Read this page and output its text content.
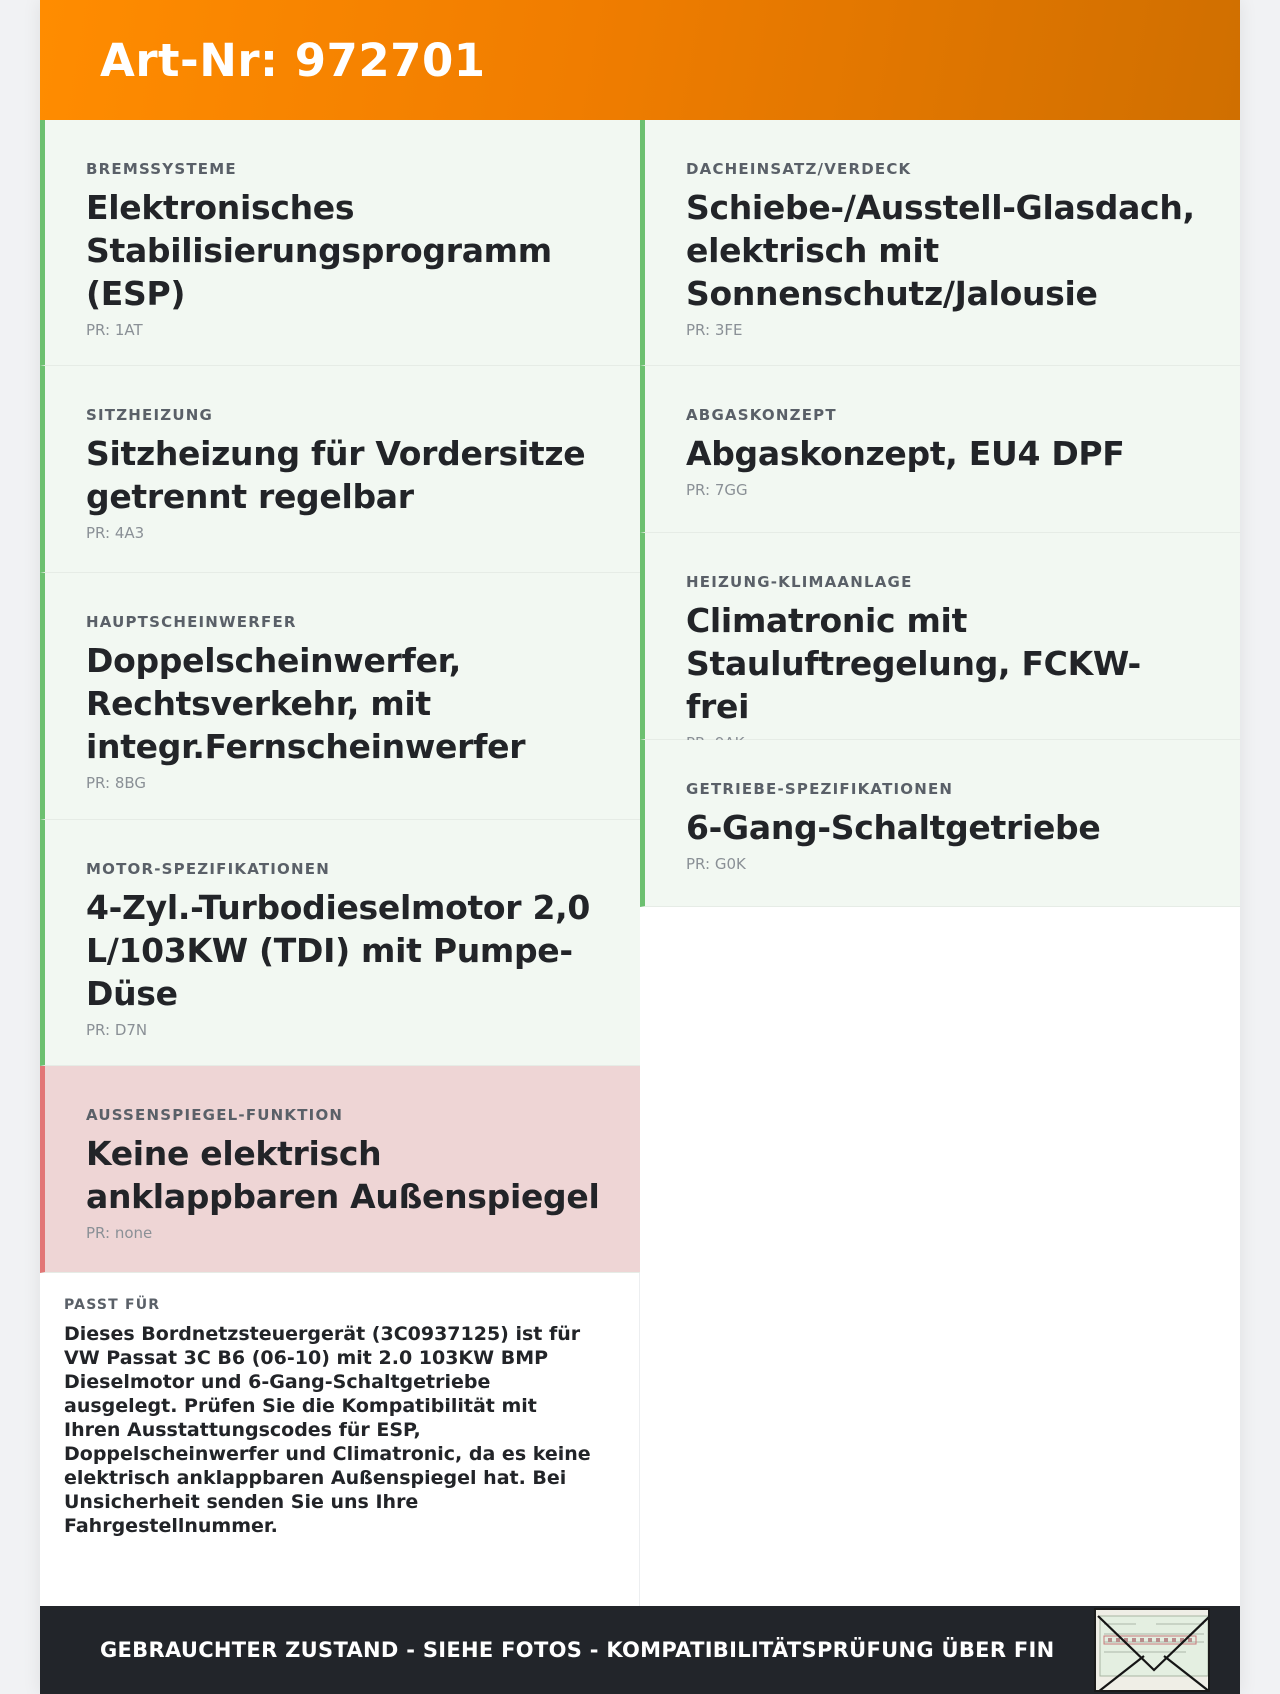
Art-Nr: 972701
BREMSSYSTEME
Elektronisches Stabilisierungsprogramm (ESP)
PR: 1AT
SITZHEIZUNG
Sitzheizung für Vordersitze getrennt regelbar
PR: 4A3
HAUPTSCHEINWERFER
Doppelscheinwerfer, Rechtsverkehr, mit integr.Fernscheinwerfer
PR: 8BG
MOTOR-SPEZIFIKATIONEN
4-Zyl.-Turbodieselmotor 2,0 L/103KW (TDI) mit Pumpe-Düse
PR: D7N
AUSSENSPIEGEL-FUNKTION
Keine elektrisch anklappbaren Außenspiegel
PR: none
DACHEINSATZ/VERDECK
Schiebe-/Ausstell-Glasdach, elektrisch mit Sonnenschutz/Jalousie
PR: 3FE
ABGASKONZEPT
Abgaskonzept, EU4 DPF
PR: 7GG
HEIZUNG-KLIMAANLAGE
Climatronic mit Stauluftregelung, FCKW-frei
GETRIEBE-SPEZIFIKATIONEN
6-Gang-Schaltgetriebe
PR: G0K
PASST FÜR
Dieses Bordnetzsteuergerät (3C0937125) ist für VW Passat 3C B6 (06-10) mit 2.0 103KW BMP Dieselmotor und 6-Gang-Schaltgetriebe ausgelegt. Prüfen Sie die Kompatibilität mit Ihren Ausstattungscodes für ESP, Doppelscheinwerfer und Climatronic, da es keine elektrisch anklappbaren Außenspiegel hat. Bei Unsicherheit senden Sie uns Ihre Fahrgestellnummer.
GEBRAUCHTER ZUSTAND - SIEHE FOTOS - KOMPATIBILITÄTSPRÜFUNG ÜBER FIN
